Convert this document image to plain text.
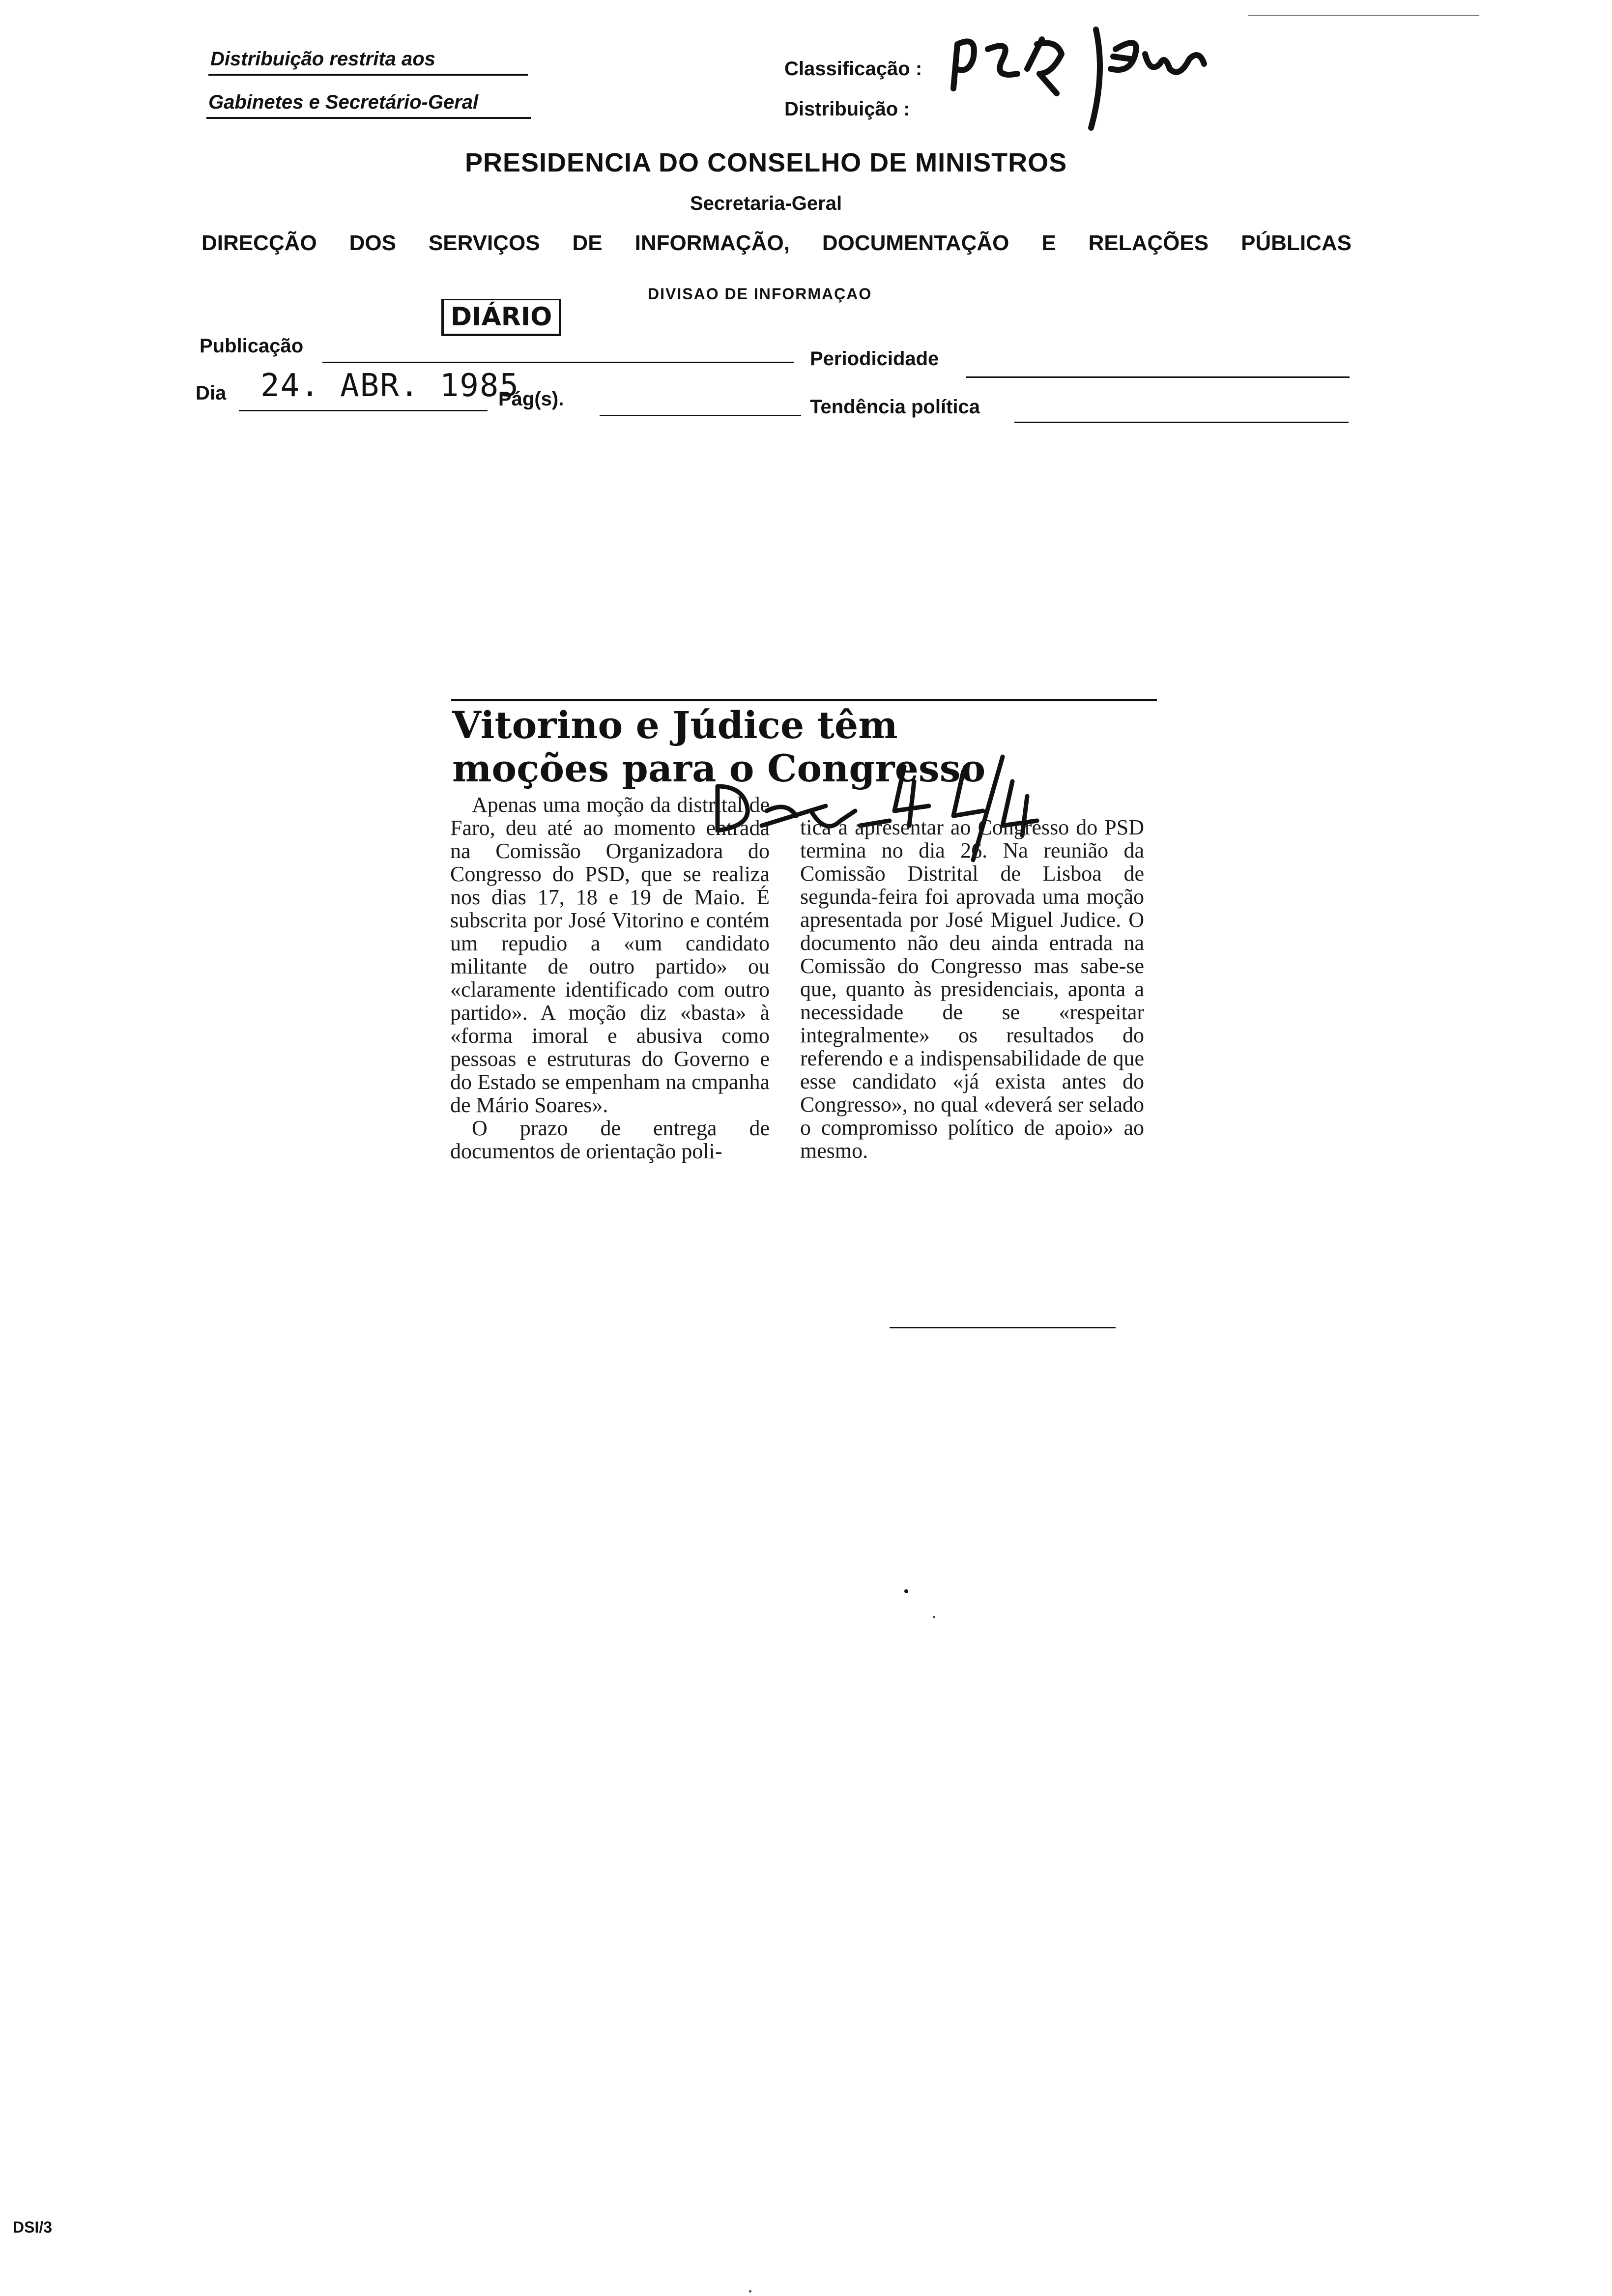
Distribuição restrita aos
Gabinetes e Secretário-Geral
Classificação :
Distribuição :
PRESIDENCIA DO CONSELHO DE MINISTROS
Secretaria-Geral
DIRECÇÃO DOS SERVIÇOS DE INFORMAÇÃO, DOCUMENTAÇÃO E RELAÇÕES PÚBLICAS
DIVISAO DE INFORMAÇAO
Publicação
DIÁRIO
Periodicidade
Dia 24. ABR. 1985
Pág(s).	Tendência política
Vitorino e Júdice têm
moções para o Congresso

Apenas uma moção da distrital de Faro, deu até ao momento entrada na Comissão Organizadora do Congresso do PSD, que se realiza nos dias 17, 18 e 19 de Maio. É subscrita por José Vitorino e contém um repudio a «um candidato militante de outro partido» ou «claramente identificado com outro partido». A moção diz «basta» à «forma imoral e abusiva como pessoas e estruturas do Governo e do Estado se empenham na cmpanha de Mário Soares».

O prazo de entrega de documentos de orientação poli-

tica a apresentar ao Congresso do PSD termina no dia 26. Na reunião da Comissão Distrital de Lisboa de segunda-feira foi aprovada uma moção apresentada por José Miguel Judice. O documento não deu ainda entrada na Comissão do Congresso mas sabe-se que, quanto às presidenciais, aponta a necessidade de se «respeitar integralmente» os resultados do referendo e a indispensabilidade de que esse candidato «já exista antes do Congresso», no qual «deverá ser selado o compromisso político de apoio» ao mesmo.

DSI/3
